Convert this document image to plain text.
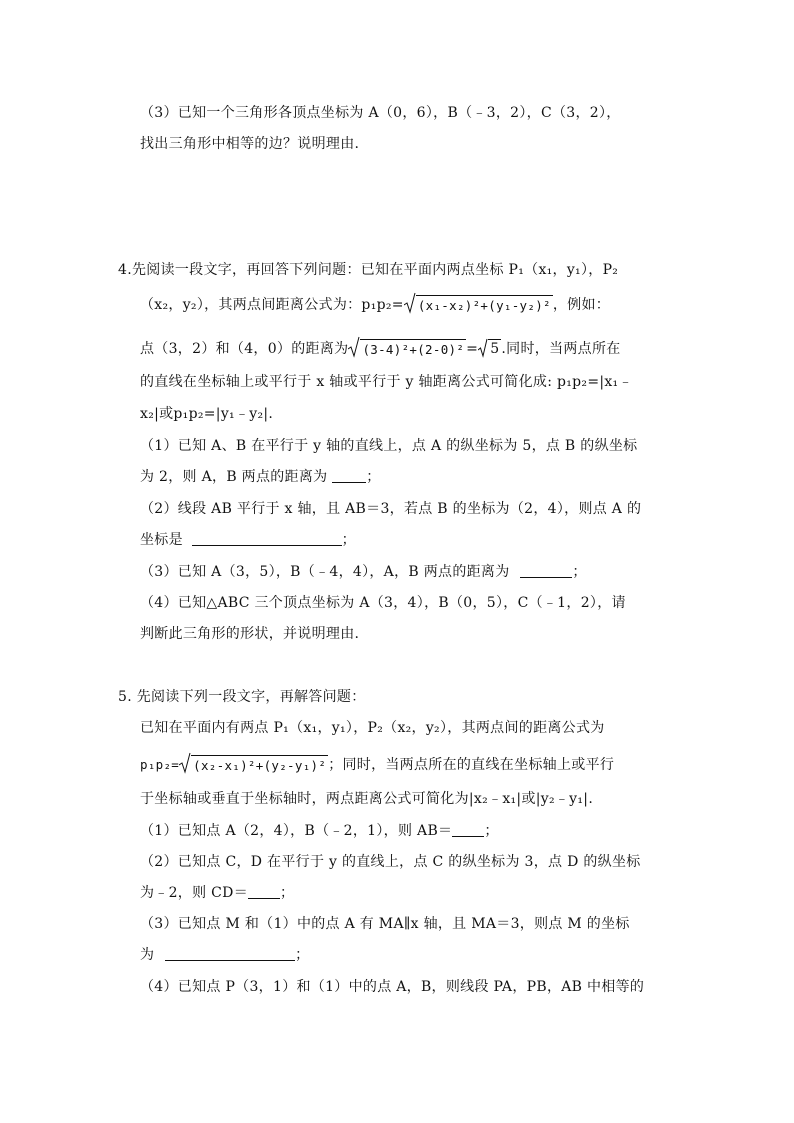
（3）已知一个三角形各顶点坐标为 A（0，6），B（﹣3，2），C（3，2），
找出三角形中相等的边？说明理由.
4.先阅读一段文字，再回答下列问题：已知在平面内两点坐标 P₁（x₁，y₁），P₂
（x₂，y₂），其两点间距离公式为：p₁p₂= (x₁-x₂)²+(y₁-y₂)² ，例如：
点（3，2）和（4，0）的距离为 (3-4)²+(2-0)² = 5 .同时，当两点所在
的直线在坐标轴上或平行于 x 轴或平行于 y 轴距离公式可简化成: p₁p₂=|x₁﹣
x₂|或p₁p₂=|y₁﹣y₂|.
（1）已知 A、B 在平行于 y 轴的直线上，点 A 的纵坐标为 5，点 B 的纵坐标
为 2，则 A，B 两点的距离为	；
（2）线段 AB 平行于 x 轴，且 AB＝3，若点 B 的坐标为（2，4），则点 A 的
坐标是	；
（3）已知 A（3，5），B（﹣4，4），A，B 两点的距离为	；
（4）已知△ABC 三个顶点坐标为 A（3，4），B（0，5），C（﹣1，2），请
判断此三角形的形状，并说明理由.
5. 先阅读下列一段文字，再解答问题：
已知在平面内有两点 P₁（x₁，y₁），P₂（x₂，y₂），其两点间的距离公式为
p₁p₂= (x₂-x₁)²+(y₂-y₁)² ；同时，当两点所在的直线在坐标轴上或平行
于坐标轴或垂直于坐标轴时，两点距离公式可简化为|x₂﹣x₁|或|y₂﹣y₁|.
（1）已知点 A（2，4），B（﹣2，1），则 AB＝ ；
（2）已知点 C，D 在平行于 y 的直线上，点 C 的纵坐标为 3，点 D 的纵坐标
为﹣2，则 CD＝ ；
（3）已知点 M 和（1）中的点 A 有 MA∥x 轴，且 MA＝3，则点 M 的坐标
为	；
（4）已知点 P（3，1）和（1）中的点 A，B，则线段 PA，PB，AB 中相等的
